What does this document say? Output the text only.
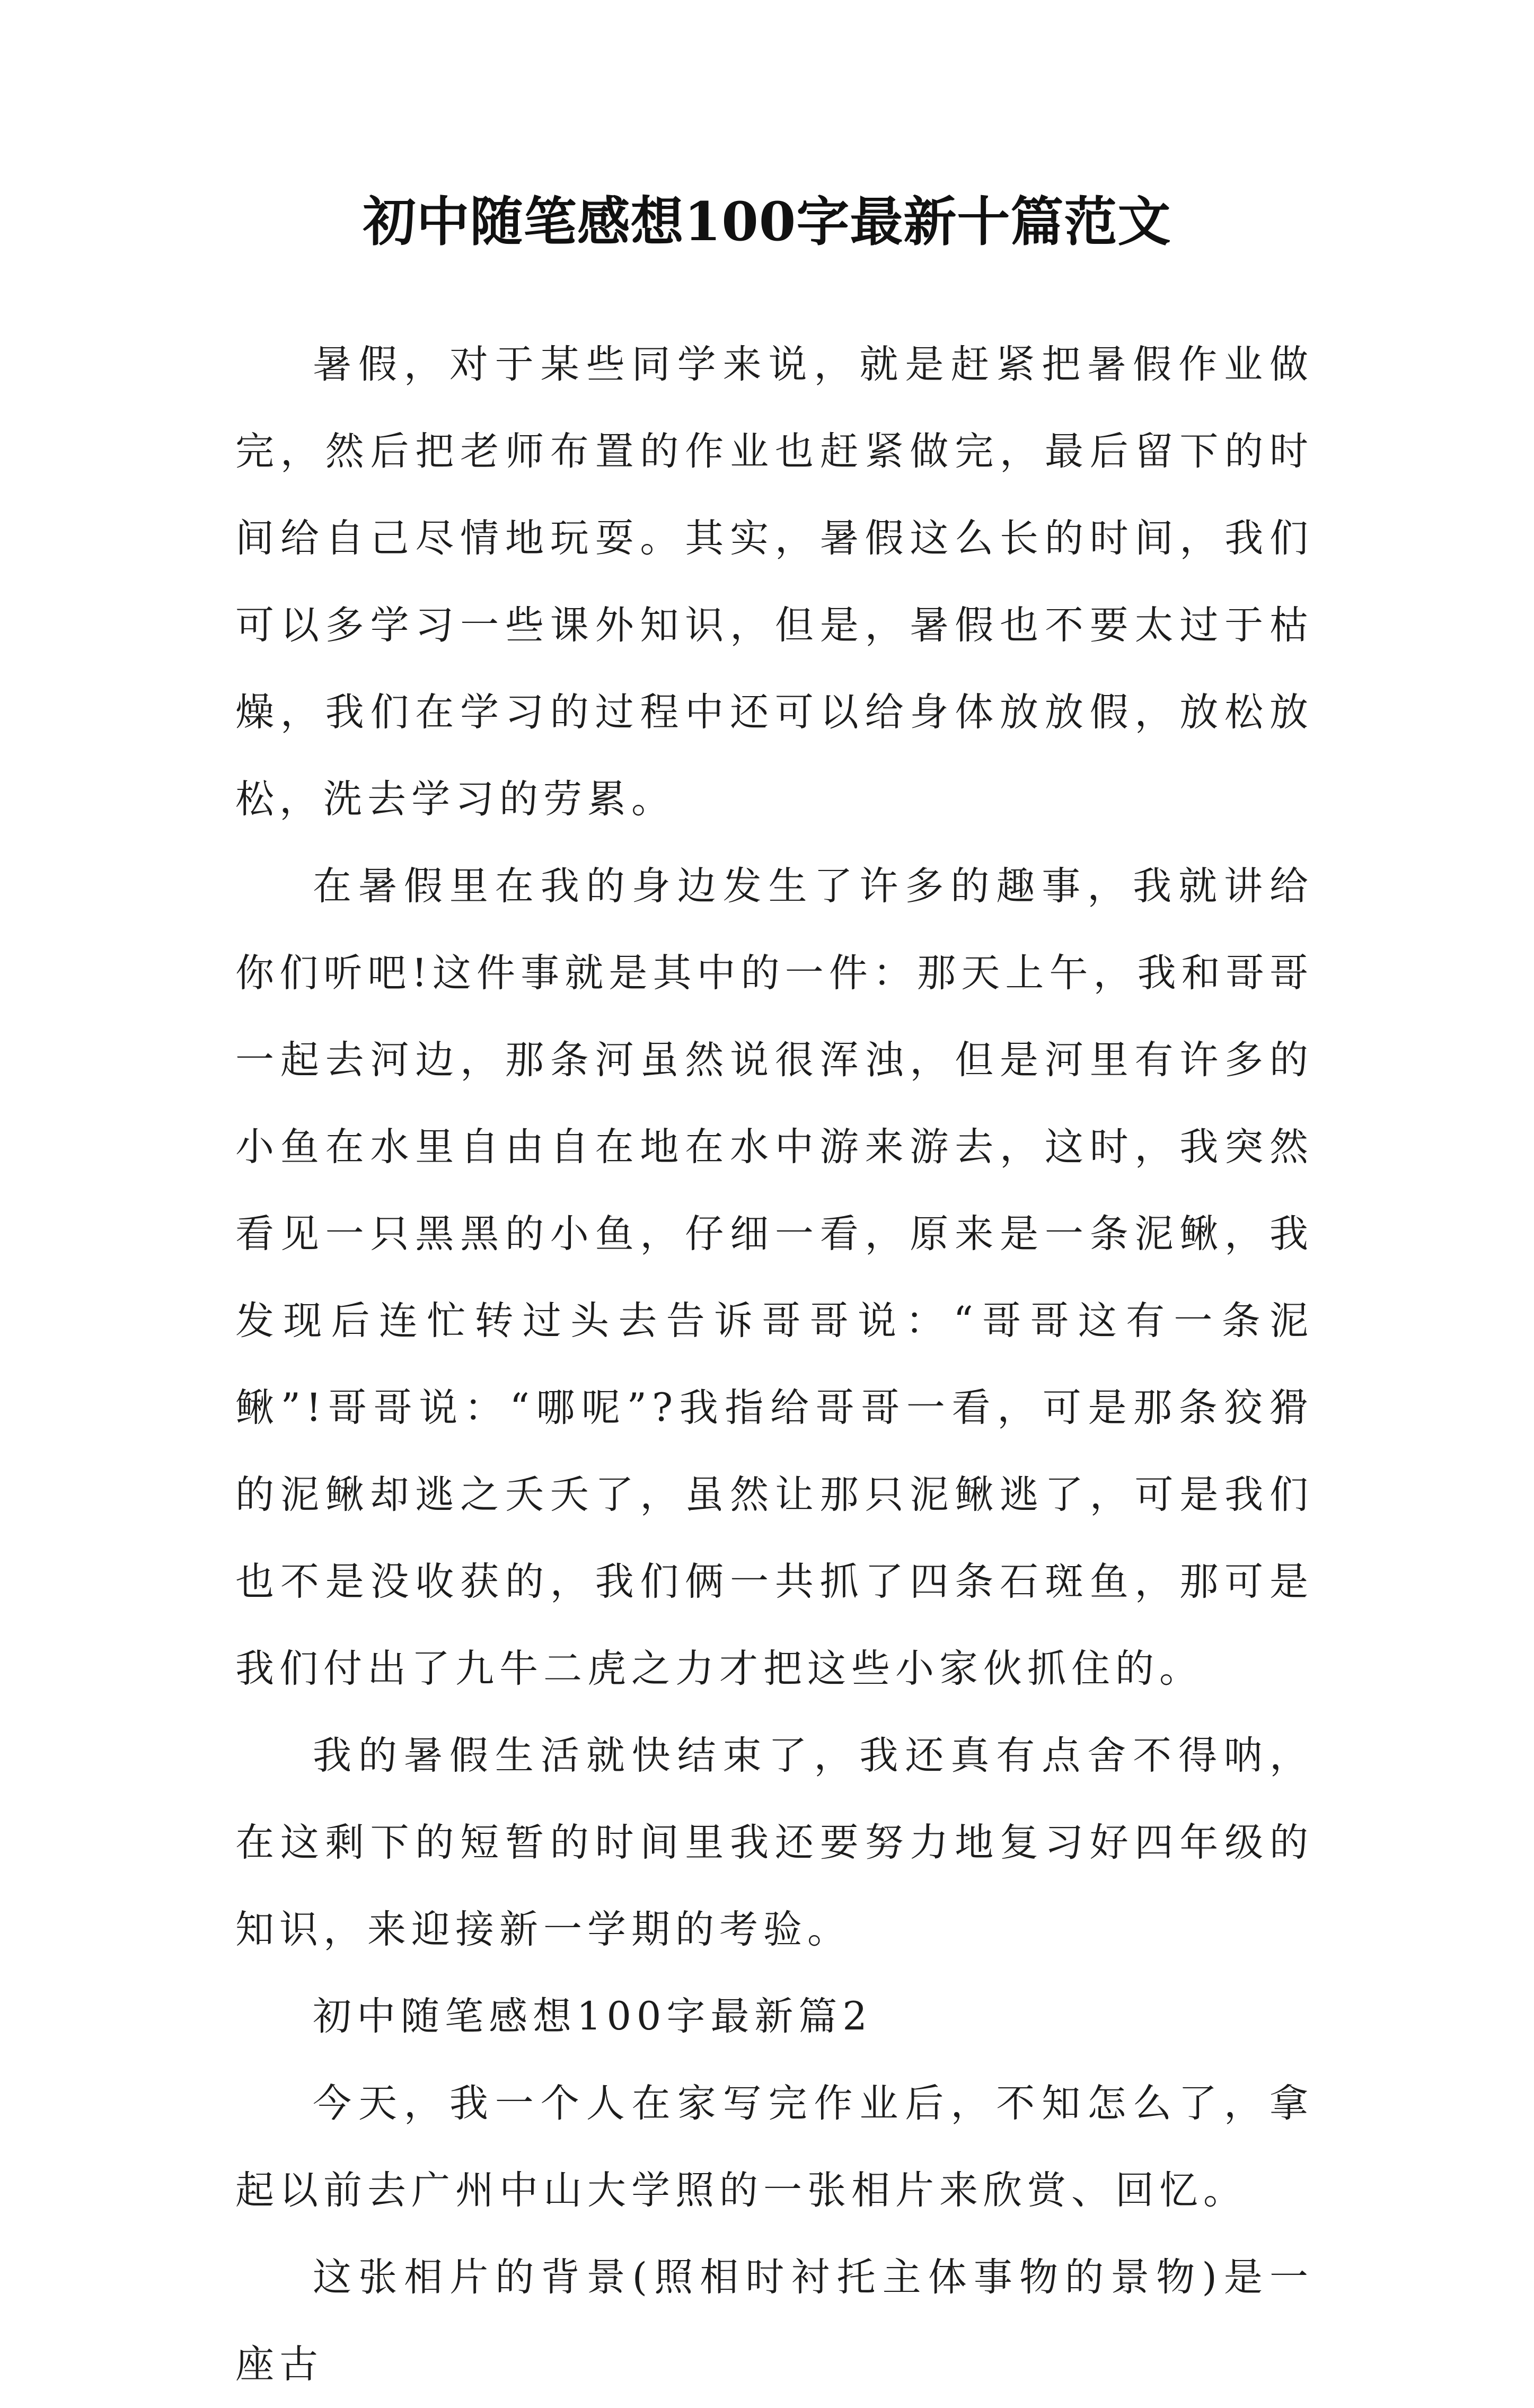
初中随笔感想100字最新十篇范文

暑假，对于某些同学来说，就是赶紧把暑假作业做完，然后把老师布置的作业也赶紧做完，最后留下的时间给自己尽情地玩耍。其实，暑假这么长的时间，我们可以多学习一些课外知识，但是，暑假也不要太过于枯燥，我们在学习的过程中还可以给身体放放假，放松放松，洗去学习的劳累。

在暑假里在我的身边发生了许多的趣事，我就讲给你们听吧!这件事就是其中的一件：那天上午，我和哥哥一起去河边，那条河虽然说很浑浊，但是河里有许多的小鱼在水里自由自在地在水中游来游去，这时，我突然看见一只黑黑的小鱼，仔细一看，原来是一条泥鳅，我发现后连忙转过头去告诉哥哥说：“哥哥这有一条泥鳅”!哥哥说：“哪呢”?我指给哥哥一看，可是那条狡猾的泥鳅却逃之夭夭了，虽然让那只泥鳅逃了，可是我们也不是没收获的，我们俩一共抓了四条石斑鱼，那可是我们付出了九牛二虎之力才把这些小家伙抓住的。

我的暑假生活就快结束了，我还真有点舍不得呐，在这剩下的短暂的时间里我还要努力地复习好四年级的知识，来迎接新一学期的考验。

初中随笔感想100字最新篇2

今天，我一个人在家写完作业后，不知怎么了，拿起以前去广州中山大学照的一张相片来欣赏、回忆。

这张相片的背景(照相时衬托主体事物的景物)是一座古
